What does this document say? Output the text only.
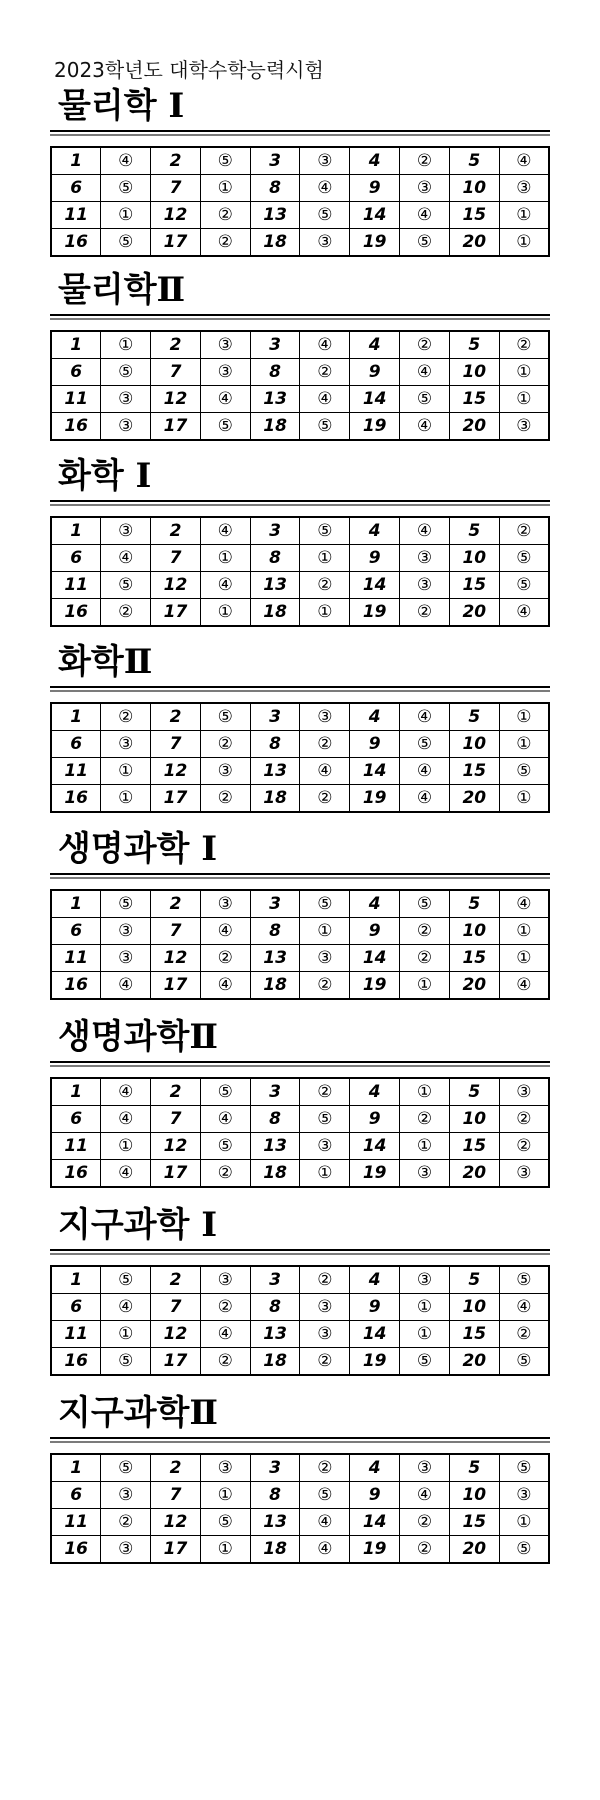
2023학년도 대학수학능력시험
물리학 I
1	④	2	⑤	3	③	4	②	5	④
6	⑤	7	①	8	④	9	③	10	③
11	①	12	②	13	⑤	14	④	15	①
16	⑤	17	②	18	③	19	⑤	20	①
물리학Ⅱ
1	①	2	③	3	④	4	②	5	②
6	⑤	7	③	8	②	9	④	10	①
11	③	12	④	13	④	14	⑤	15	①
16	③	17	⑤	18	⑤	19	④	20	③
화학 I
1	③	2	④	3	⑤	4	④	5	②
6	④	7	①	8	①	9	③	10	⑤
11	⑤	12	④	13	②	14	③	15	⑤
16	②	17	①	18	①	19	②	20	④
화학Ⅱ
1	②	2	⑤	3	③	4	④	5	①
6	③	7	②	8	②	9	⑤	10	①
11	①	12	③	13	④	14	④	15	⑤
16	①	17	②	18	②	19	④	20	①
생명과학 I
1	⑤	2	③	3	⑤	4	⑤	5	④
6	③	7	④	8	①	9	②	10	①
11	③	12	②	13	③	14	②	15	①
16	④	17	④	18	②	19	①	20	④
생명과학Ⅱ
1	④	2	⑤	3	②	4	①	5	③
6	④	7	④	8	⑤	9	②	10	②
11	①	12	⑤	13	③	14	①	15	②
16	④	17	②	18	①	19	③	20	③
지구과학 I
1	⑤	2	③	3	②	4	③	5	⑤
6	④	7	②	8	③	9	①	10	④
11	①	12	④	13	③	14	①	15	②
16	⑤	17	②	18	②	19	⑤	20	⑤
지구과학Ⅱ
1	⑤	2	③	3	②	4	③	5	⑤
6	③	7	①	8	⑤	9	④	10	③
11	②	12	⑤	13	④	14	②	15	①
16	③	17	①	18	④	19	②	20	⑤
